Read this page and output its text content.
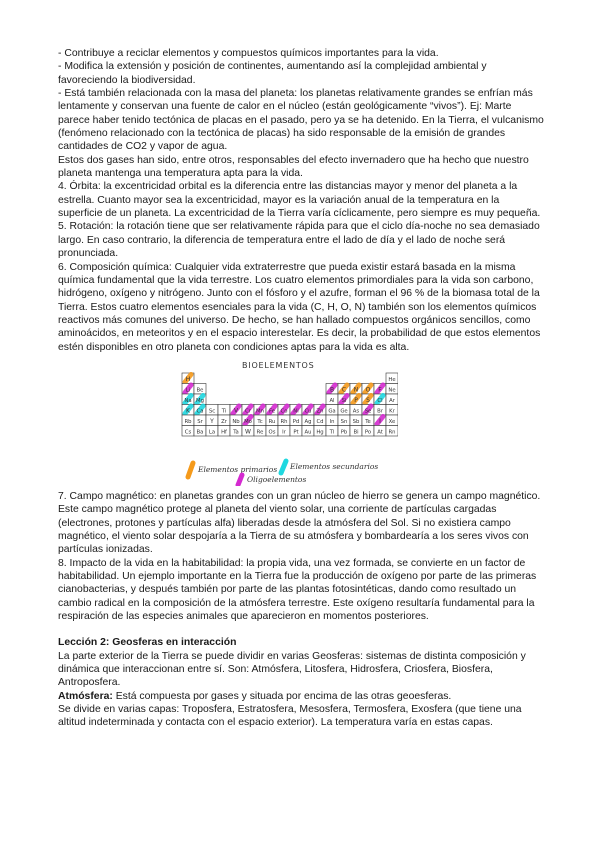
- Contribuye a reciclar elementos y compuestos químicos importantes para la vida.

- Modifica la extensión y posición de continentes, aumentando así la complejidad ambiental y favoreciendo la biodiversidad.

- Está también relacionada con la masa del planeta: los planetas relativamente grandes se enfrían más lentamente y conservan una fuente de calor en el núcleo (están geológicamente “vivos”). Ej: Marte parece haber tenido tectónica de placas en el pasado, pero ya se ha detenido. En la Tierra, el vulcanismo (fenómeno relacionado con la tectónica de placas) ha sido responsable de la emisión de grandes cantidades de CO2 y vapor de agua.

Estos dos gases han sido, entre otros, responsables del efecto invernadero que ha hecho que nuestro planeta mantenga una temperatura apta para la vida.

4. Órbita: la excentricidad orbital es la diferencia entre las distancias mayor y menor del planeta a la estrella. Cuanto mayor sea la excentricidad, mayor es la variación anual de la temperatura en la superficie de un planeta. La excentricidad de la Tierra varía cíclicamente, pero siempre es muy pequeña.

5. Rotación: la rotación tiene que ser relativamente rápida para que el ciclo día-noche no sea demasiado largo. En caso contrario, la diferencia de temperatura entre el lado de día y el lado de noche será pronunciada.

6. Composición química: Cualquier vida extraterrestre que pueda existir estará basada en la misma química fundamental que la vida terrestre. Los cuatro elementos primordiales para la vida son carbono, hidrógeno, oxígeno y nitrógeno. Junto con el fósforo y el azufre, forman el 96 % de la biomasa total de la Tierra. Estos cuatro elementos esenciales para la vida (C, H, O, N) también son los elementos químicos reactivos más comunes del universo. De hecho, se han hallado compuestos orgánicos sencillos, como aminoácidos, en meteoritos y en el espacio interestelar. Es decir, la probabilidad de que estos elementos estén disponibles en otro planeta con condiciones aptas para la vida es alta.

BIOELEMENTOS
H	He
Li Be	B C N O F Ne
Na Mg	Al Si P S Cl Ar
K Ca Sc Ti V Cr Mn Fe Co Ni Cu Zn Ga Ge As Se Br Kr
Rb Sr Y Zr Nb Mo Tc Ru Rh Pd Ag Cd In Sn Sb Te I Xe
Cs Ba La Hf Ta W Re Os Ir Pt Au Hg Tl Pb Bi Po At Rn
Elementos primarios Elementos secundarios
Oligoelementos

7. Campo magnético: en planetas grandes con un gran núcleo de hierro se genera un campo magnético. Este campo magnético protege al planeta del viento solar, una corriente de partículas cargadas (electrones, protones y partículas alfa) liberadas desde la atmósfera del Sol. Si no existiera campo magnético, el viento solar despojaría a la Tierra de su atmósfera y bombardearía a los seres vivos con partículas ionizadas.

8. Impacto de la vida en la habitabilidad: la propia vida, una vez formada, se convierte en un factor de habitabilidad. Un ejemplo importante en la Tierra fue la producción de oxígeno por parte de las primeras cianobacterias, y después también por parte de las plantas fotosintéticas, dando como resultado un cambio radical en la composición de la atmósfera terrestre. Este oxígeno resultaría fundamental para la respiración de las especies animales que aparecieron en momentos posteriores.

Lección 2: Geosferas en interacción

La parte exterior de la Tierra se puede dividir en varias Geosferas: sistemas de distinta composición y dinámica que interaccionan entre sí. Son: Atmósfera, Litosfera, Hidrosfera, Criosfera, Biosfera, Antroposfera.

Atmósfera: Está compuesta por gases y situada por encima de las otras geoesferas.

Se divide en varias capas: Troposfera, Estratosfera, Mesosfera, Termosfera, Exosfera (que tiene una altitud indeterminada y contacta con el espacio exterior). La temperatura varía en estas capas.
